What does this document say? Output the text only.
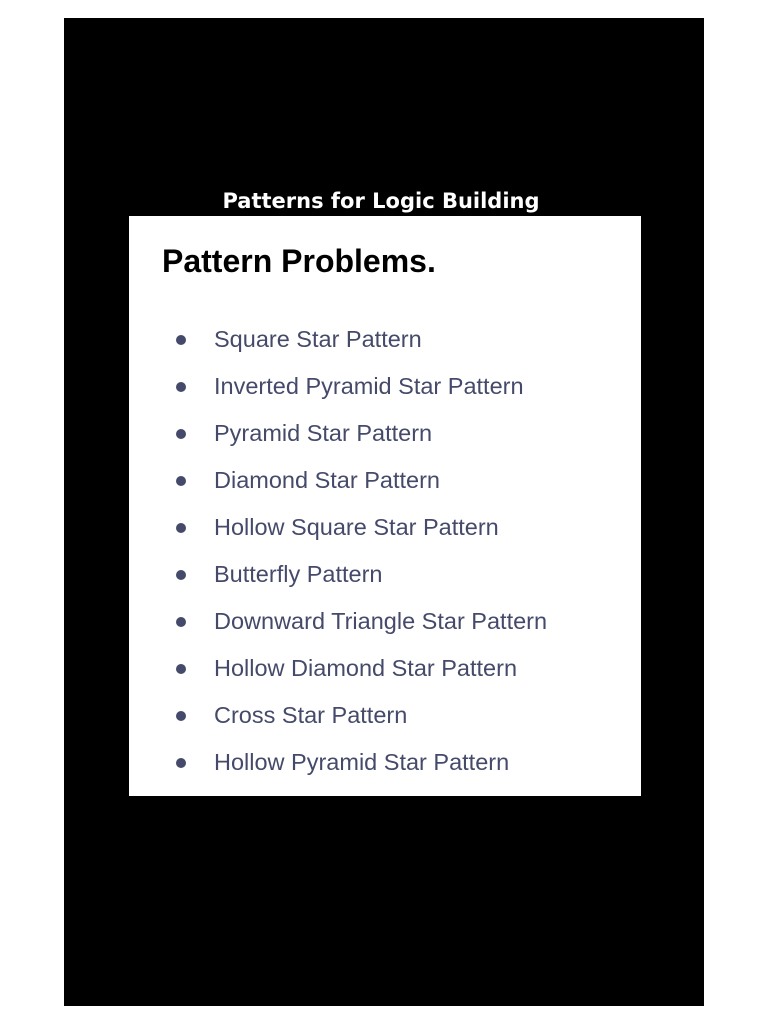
Patterns for Logic Building
Pattern Problems.
Square Star Pattern
Inverted Pyramid Star Pattern
Pyramid Star Pattern
Diamond Star Pattern
Hollow Square Star Pattern
Butterfly Pattern
Downward Triangle Star Pattern
Hollow Diamond Star Pattern
Cross Star Pattern
Hollow Pyramid Star Pattern
